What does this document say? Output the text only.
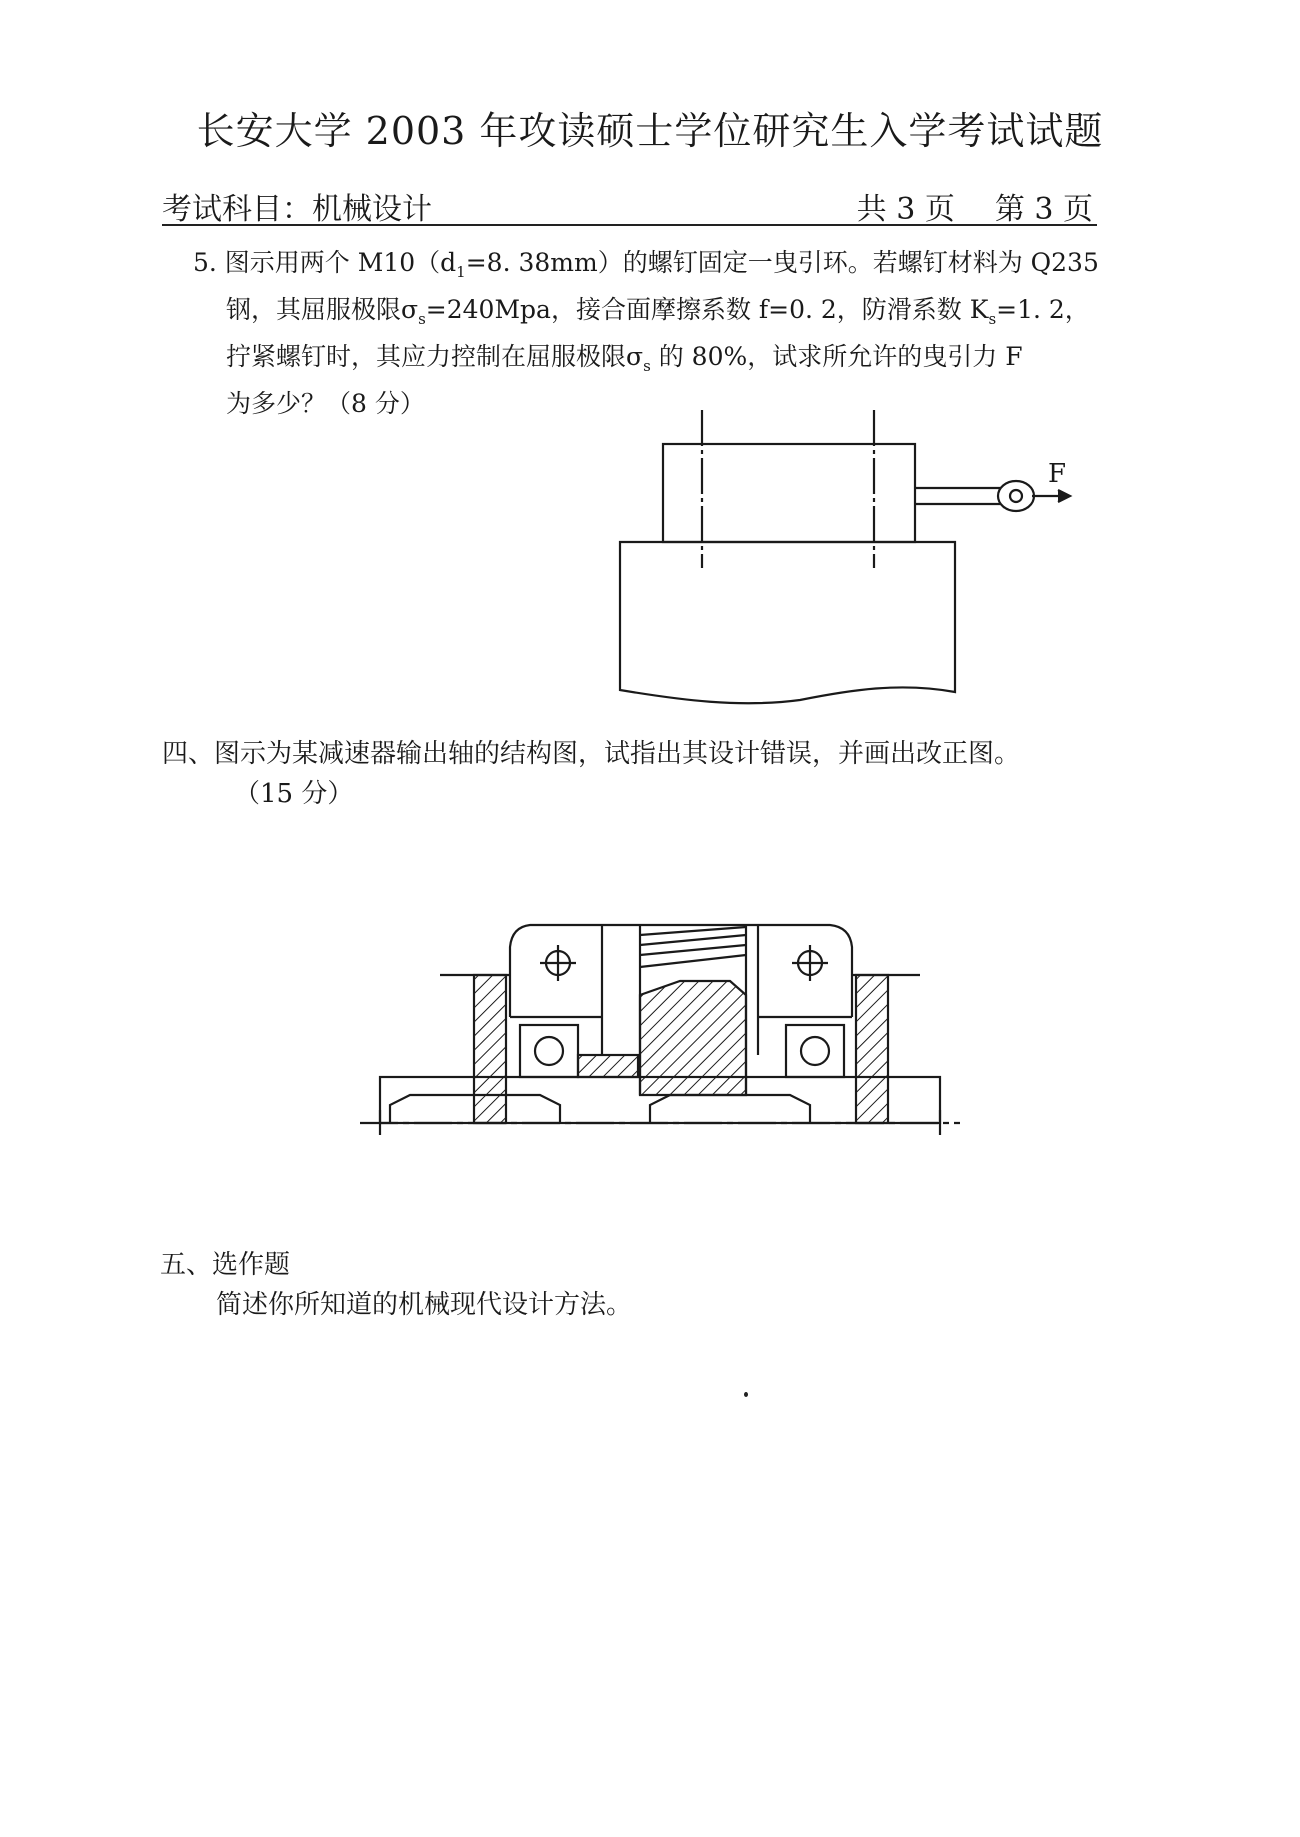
长安大学 2003 年攻读硕士学位研究生入学考试试题
考试科目：机械设计	共 3 页 第 3 页
5. 图示用两个 $M10(d_1=8$. 38mm）的螺钉固定一曳引环。若螺钉材料为 Q235
钢，其屈服极限$\sigma_s=240Mpa$，接合面摩擦系数 f=0. 2，防滑系数 $K_s=1$. 2，
拧紧螺钉时，其应力控制在屈服极限$\sigma_s$ 的 80%，试求所允许的曳引力 F
为多少？（8 分）
F
四、图示为某减速器输出轴的结构图，试指出其设计错误，并画出改正图。
（15 分）
五、选作题
简述你所知道的机械现代设计方法。
